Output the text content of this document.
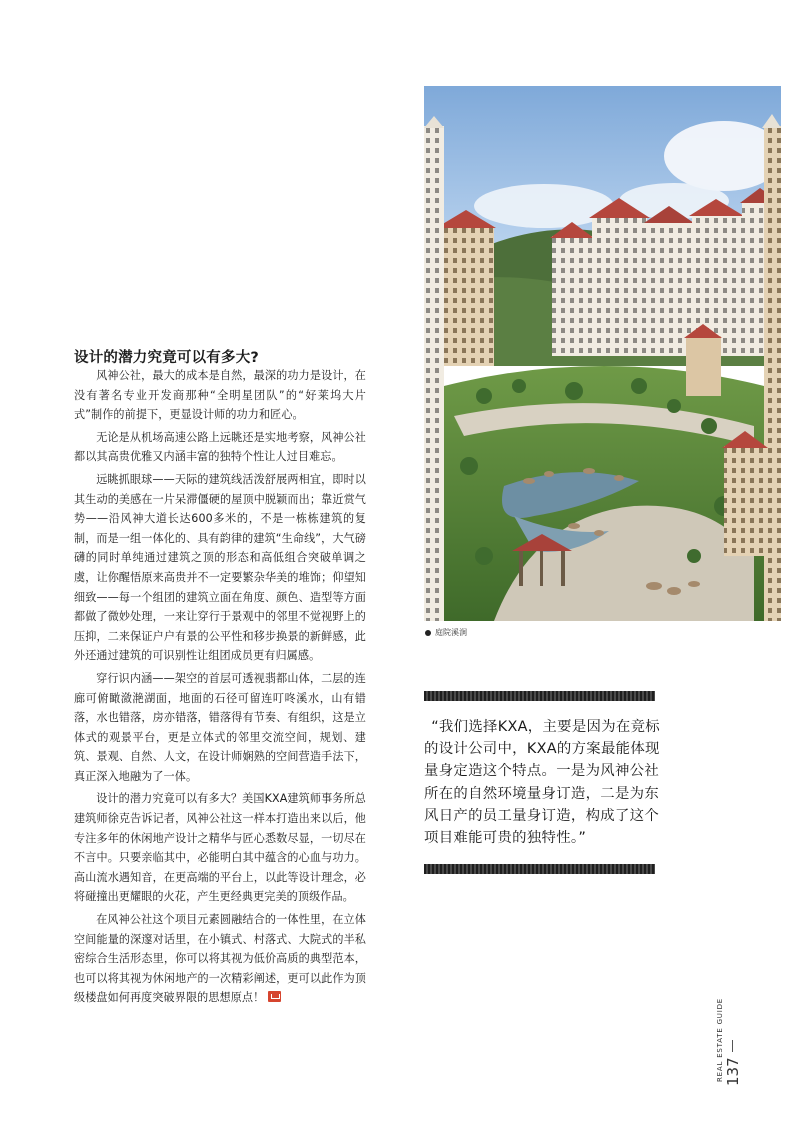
设计的潜力究竟可以有多大?

风神公社，最大的成本是自然，最深的功力是设计，在没有著名专业开发商那种“全明星团队”的“好莱坞大片式”制作的前提下，更显设计师的功力和匠心。

无论是从机场高速公路上远眺还是实地考察，风神公社都以其高贵优雅又内涵丰富的独特个性让人过目难忘。

远眺抓眼球——天际的建筑线活泼舒展两相宜，即时以其生动的美感在一片呆滞僵硬的屋顶中脱颖而出；靠近赏气势——沿风神大道长达600多米的，不是一栋栋建筑的复制，而是一组一体化的、具有韵律的建筑“生命线”，大气磅礴的同时单纯通过建筑之顶的形态和高低组合突破单调之虞，让你醒悟原来高贵并不一定要繁杂华美的堆饰；仰望知细致——每一个组团的建筑立面在角度、颜色、造型等方面都做了微妙处理，一来让穿行于景观中的邻里不觉视野上的压抑，二来保证户户有景的公平性和移步换景的新鲜感，此外还通过建筑的可识别性让组团成员更有归属感。

穿行识内涵——架空的首层可透视翡都山体，二层的连廊可俯瞰潋滟湖面，地面的石径可留连叮咚溪水，山有错落，水也错落，房亦错落，错落得有节奏、有组织，这是立体式的观景平台，更是立体式的邻里交流空间，规划、建筑、景观、自然、人文，在设计师娴熟的空间营造手法下，真正深入地融为了一体。

设计的潜力究竟可以有多大？美国KXA建筑师事务所总建筑师徐克告诉记者，风神公社这一样本打造出来以后，他专注多年的休闲地产设计之精华与匠心悉数尽显，一切尽在不言中。只要亲临其中，必能明白其中蕴含的心血与功力。高山流水遇知音，在更高端的平台上，以此等设计理念，必将碰撞出更耀眼的火花，产生更经典更完美的顶级作品。

在风神公社这个项目元素圆融结合的一体性里，在立体空间能量的深邃对话里，在小镇式、村落式、大院式的半私密综合生活形态里，你可以将其视为低价高质的典型范本，也可以将其视为休闲地产的一次精彩阐述，更可以此作为顶级楼盘如何再度突破界限的思想原点！

庭院溪涧

“我们选择KXA，主要是因为在竞标的设计公司中，KXA的方案最能体现量身定造这个特点。一是为风神公社所在的自然环境量身订造，二是为东风日产的员工量身订造，构成了这个项目难能可贵的独特性。”

137
REAL ESTATE GUIDE
